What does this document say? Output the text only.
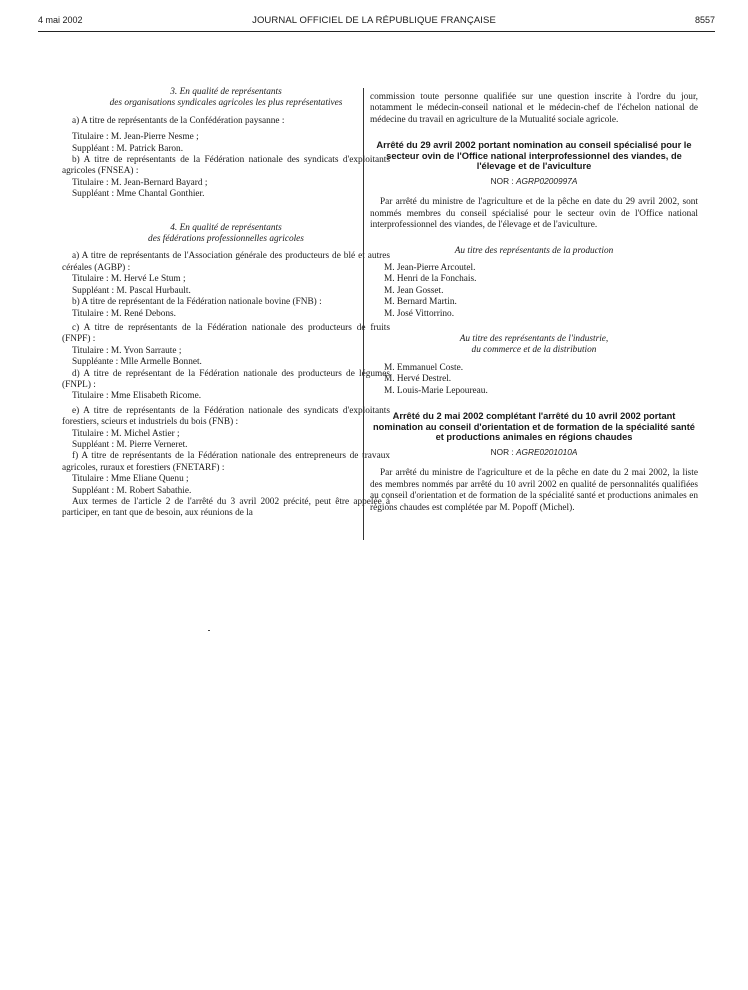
4 mai 2002	JOURNAL OFFICIEL DE LA RÉPUBLIQUE FRANÇAISE	8557

3. En qualité de représentants

des organisations syndicales agricoles les plus représentatives

a) A titre de représentants de la Confédération paysanne :

Titulaire : M. Jean-Pierre Nesme ;

Suppléant : M. Patrick Baron.

b) A titre de représentants de la Fédération nationale des syndicats d'exploitants agricoles (FNSEA) :

Titulaire : M. Jean-Bernard Bayard ;

Suppléant : Mme Chantal Gonthier.

4. En qualité de représentants

des fédérations professionnelles agricoles

a) A titre de représentants de l'Association générale des producteurs de blé et autres céréales (AGBP) :

Titulaire : M. Hervé Le Stum ;

Suppléant : M. Pascal Hurbault.

b) A titre de représentant de la Fédération nationale bovine (FNB) :

Titulaire : M. René Debons.

c) A titre de représentants de la Fédération nationale des producteurs de fruits (FNPF) :

Titulaire : M. Yvon Sarraute ;

Suppléante : Mlle Armelle Bonnet.

d) A titre de représentant de la Fédération nationale des producteurs de légumes (FNPL) :

Titulaire : Mme Elisabeth Ricome.

e) A titre de représentants de la Fédération nationale des syndicats d'exploitants forestiers, scieurs et industriels du bois (FNB) :

Titulaire : M. Michel Astier ;

Suppléant : M. Pierre Verneret.

f) A titre de représentants de la Fédération nationale des entrepreneurs de travaux agricoles, ruraux et forestiers (FNETARF) :

Titulaire : Mme Eliane Quenu ;

Suppléant : M. Robert Sabathie.

Aux termes de l'article 2 de l'arrêté du 3 avril 2002 précité, peut être appelée à participer, en tant que de besoin, aux réunions de la

commission toute personne qualifiée sur une question inscrite à l'ordre du jour, notamment le médecin-conseil national et le médecin-chef de l'échelon national de médecine du travail en agriculture de la Mutualité sociale agricole.

Arrêté du 29 avril 2002 portant nomination au conseil spécialisé pour le secteur ovin de l'Office national interprofessionnel des viandes, de l'élevage et de l'aviculture

NOR : AGRP0200997A

Par arrêté du ministre de l'agriculture et de la pêche en date du 29 avril 2002, sont nommés membres du conseil spécialisé pour le secteur ovin de l'Office national interprofessionnel des viandes, de l'élevage et de l'aviculture.

Au titre des représentants de la production

M. Jean-Pierre Arcoutel.

M. Henri de la Fonchais.

M. Jean Gosset.

M. Bernard Martin.

M. José Vittorrino.

Au titre des représentants de l'industrie,

du commerce et de la distribution

M. Emmanuel Coste.

M. Hervé Destrel.

M. Louis-Marie Lepoureau.

Arrêté du 2 mai 2002 complétant l'arrêté du 10 avril 2002 portant nomination au conseil d'orientation et de formation de la spécialité santé et productions animales en régions chaudes

NOR : AGRE0201010A

Par arrêté du ministre de l'agriculture et de la pêche en date du 2 mai 2002, la liste des membres nommés par arrêté du 10 avril 2002 en qualité de personnalités qualifiées au conseil d'orientation et de formation de la spécialité santé et productions animales en régions chaudes est complétée par M. Popoff (Michel).
